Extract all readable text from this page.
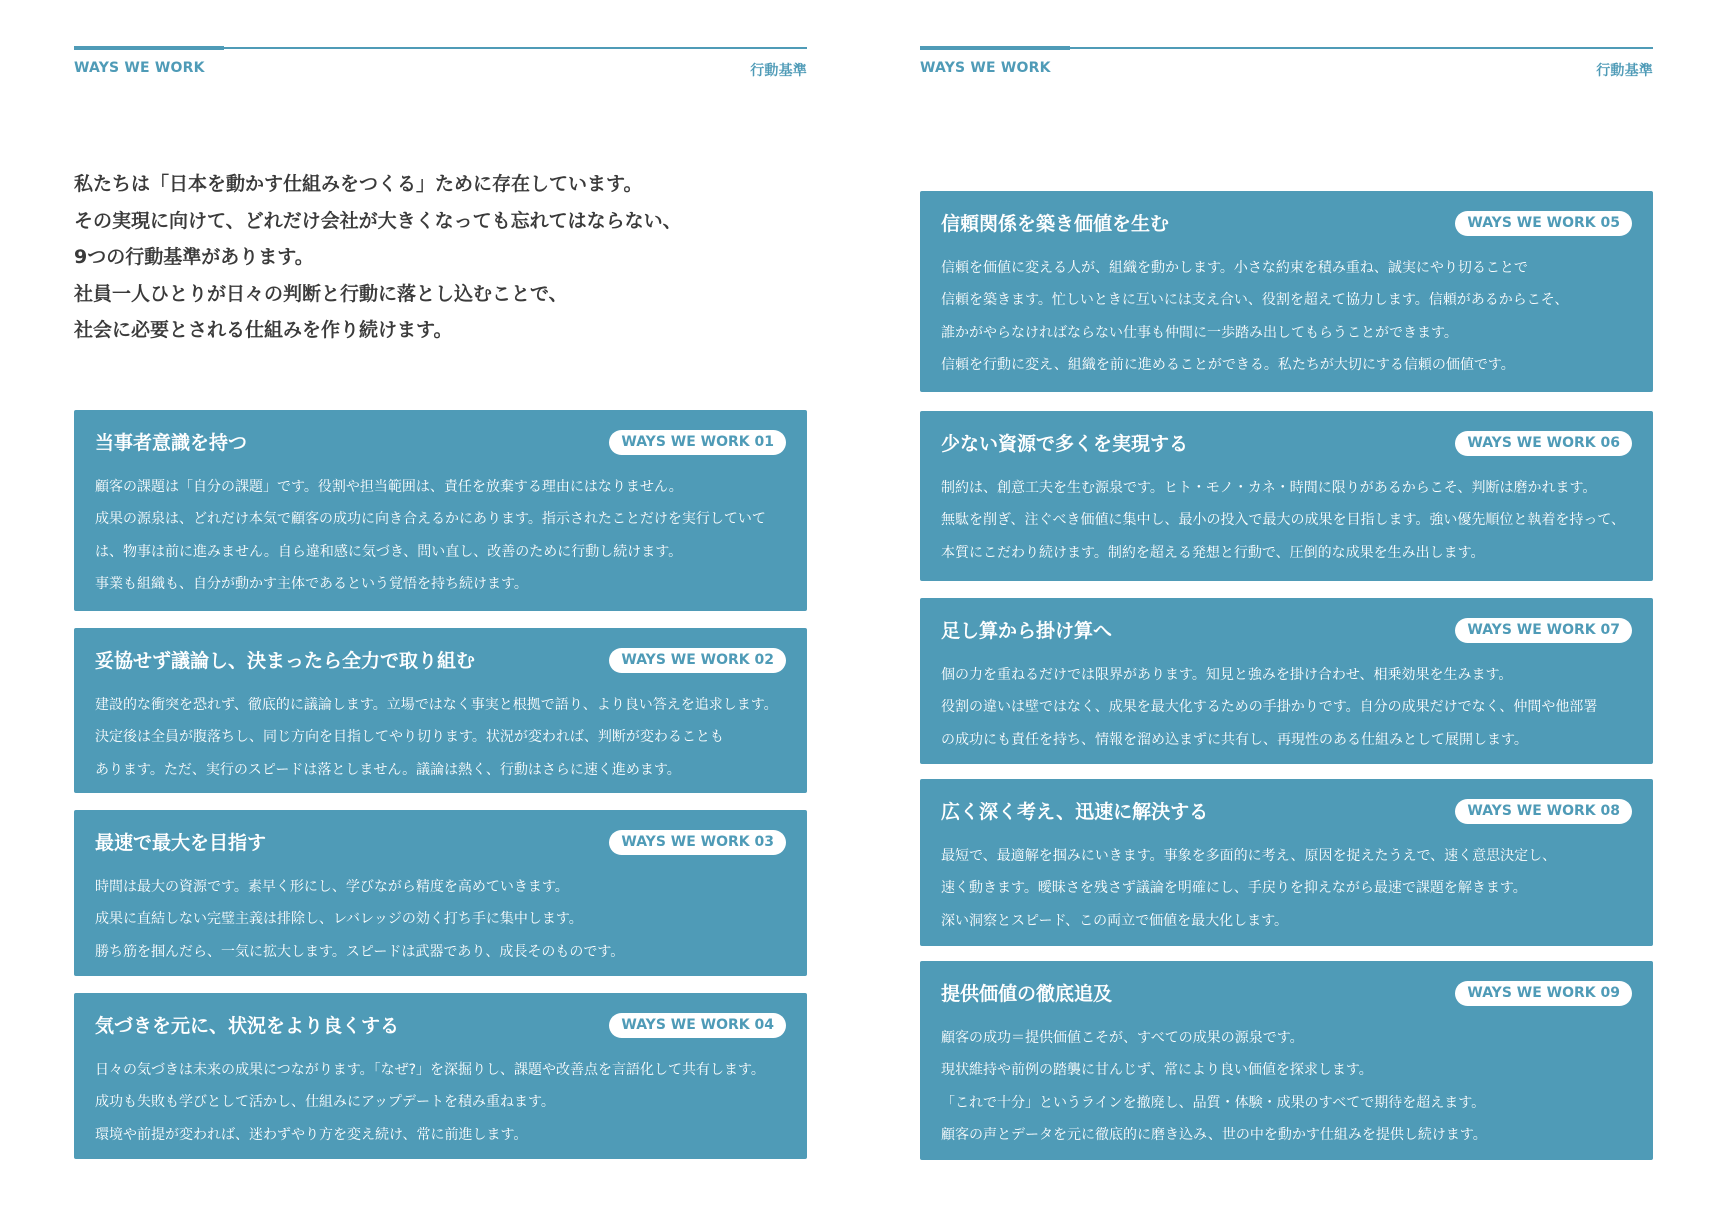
WAYS WE WORK	行動基準
私たちは「日本を動かす仕組みをつくる」ために存在しています。
その実現に向けて、どれだけ会社が大きくなっても忘れてはならない、
9つの行動基準があります。
社員一人ひとりが日々の判断と行動に落とし込むことで、
社会に必要とされる仕組みを作り続けます。
当事者意識を持つ	WAYS WE WORK 01
顧客の課題は「自分の課題」です。役割や担当範囲は、責任を放棄する理由にはなりません。
成果の源泉は、どれだけ本気で顧客の成功に向き合えるかにあります。指示されたことだけを実行していて
は、物事は前に進みません。自ら違和感に気づき、問い直し、改善のために行動し続けます。
事業も組織も、自分が動かす主体であるという覚悟を持ち続けます。
妥協せず議論し、決まったら全力で取り組む	WAYS WE WORK 02
建設的な衝突を恐れず、徹底的に議論します。立場ではなく事実と根拠で語り、より良い答えを追求します。
決定後は全員が腹落ちし、同じ方向を目指してやり切ります。状況が変われば、判断が変わることも
あります。ただ、実行のスピードは落としません。議論は熱く、行動はさらに速く進めます。
最速で最大を目指す	WAYS WE WORK 03
時間は最大の資源です。素早く形にし、学びながら精度を高めていきます。
成果に直結しない完璧主義は排除し、レバレッジの効く打ち手に集中します。
勝ち筋を掴んだら、一気に拡大します。スピードは武器であり、成長そのものです。
気づきを元に、状況をより良くする	WAYS WE WORK 04
日々の気づきは未来の成果につながります。「なぜ?」を深掘りし、課題や改善点を言語化して共有します。
成功も失敗も学びとして活かし、仕組みにアップデートを積み重ねます。
環境や前提が変われば、迷わずやり方を変え続け、常に前進します。
WAYS WE WORK	行動基準
信頼関係を築き価値を生む	WAYS WE WORK 05
信頼を価値に変える人が、組織を動かします。小さな約束を積み重ね、誠実にやり切ることで
信頼を築きます。忙しいときに互いには支え合い、役割を超えて協力します。信頼があるからこそ、
誰かがやらなければならない仕事も仲間に一歩踏み出してもらうことができます。
信頼を行動に変え、組織を前に進めることができる。私たちが大切にする信頼の価値です。
少ない資源で多くを実現する	WAYS WE WORK 06
制約は、創意工夫を生む源泉です。ヒト・モノ・カネ・時間に限りがあるからこそ、判断は磨かれます。
無駄を削ぎ、注ぐべき価値に集中し、最小の投入で最大の成果を目指します。強い優先順位と執着を持って、
本質にこだわり続けます。制約を超える発想と行動で、圧倒的な成果を生み出します。
足し算から掛け算へ	WAYS WE WORK 07
個の力を重ねるだけでは限界があります。知見と強みを掛け合わせ、相乗効果を生みます。
役割の違いは壁ではなく、成果を最大化するための手掛かりです。自分の成果だけでなく、仲間や他部署
の成功にも責任を持ち、情報を溜め込まずに共有し、再現性のある仕組みとして展開します。
広く深く考え、迅速に解決する	WAYS WE WORK 08
最短で、最適解を掴みにいきます。事象を多面的に考え、原因を捉えたうえで、速く意思決定し、
速く動きます。曖昧さを残さず議論を明確にし、手戻りを抑えながら最速で課題を解きます。
深い洞察とスピード、この両立で価値を最大化します。
提供価値の徹底追及	WAYS WE WORK 09
顧客の成功＝提供価値こそが、すべての成果の源泉です。
現状維持や前例の踏襲に甘んじず、常により良い価値を探求します。
「これで十分」というラインを撤廃し、品質・体験・成果のすべてで期待を超えます。
顧客の声とデータを元に徹底的に磨き込み、世の中を動かす仕組みを提供し続けます。
